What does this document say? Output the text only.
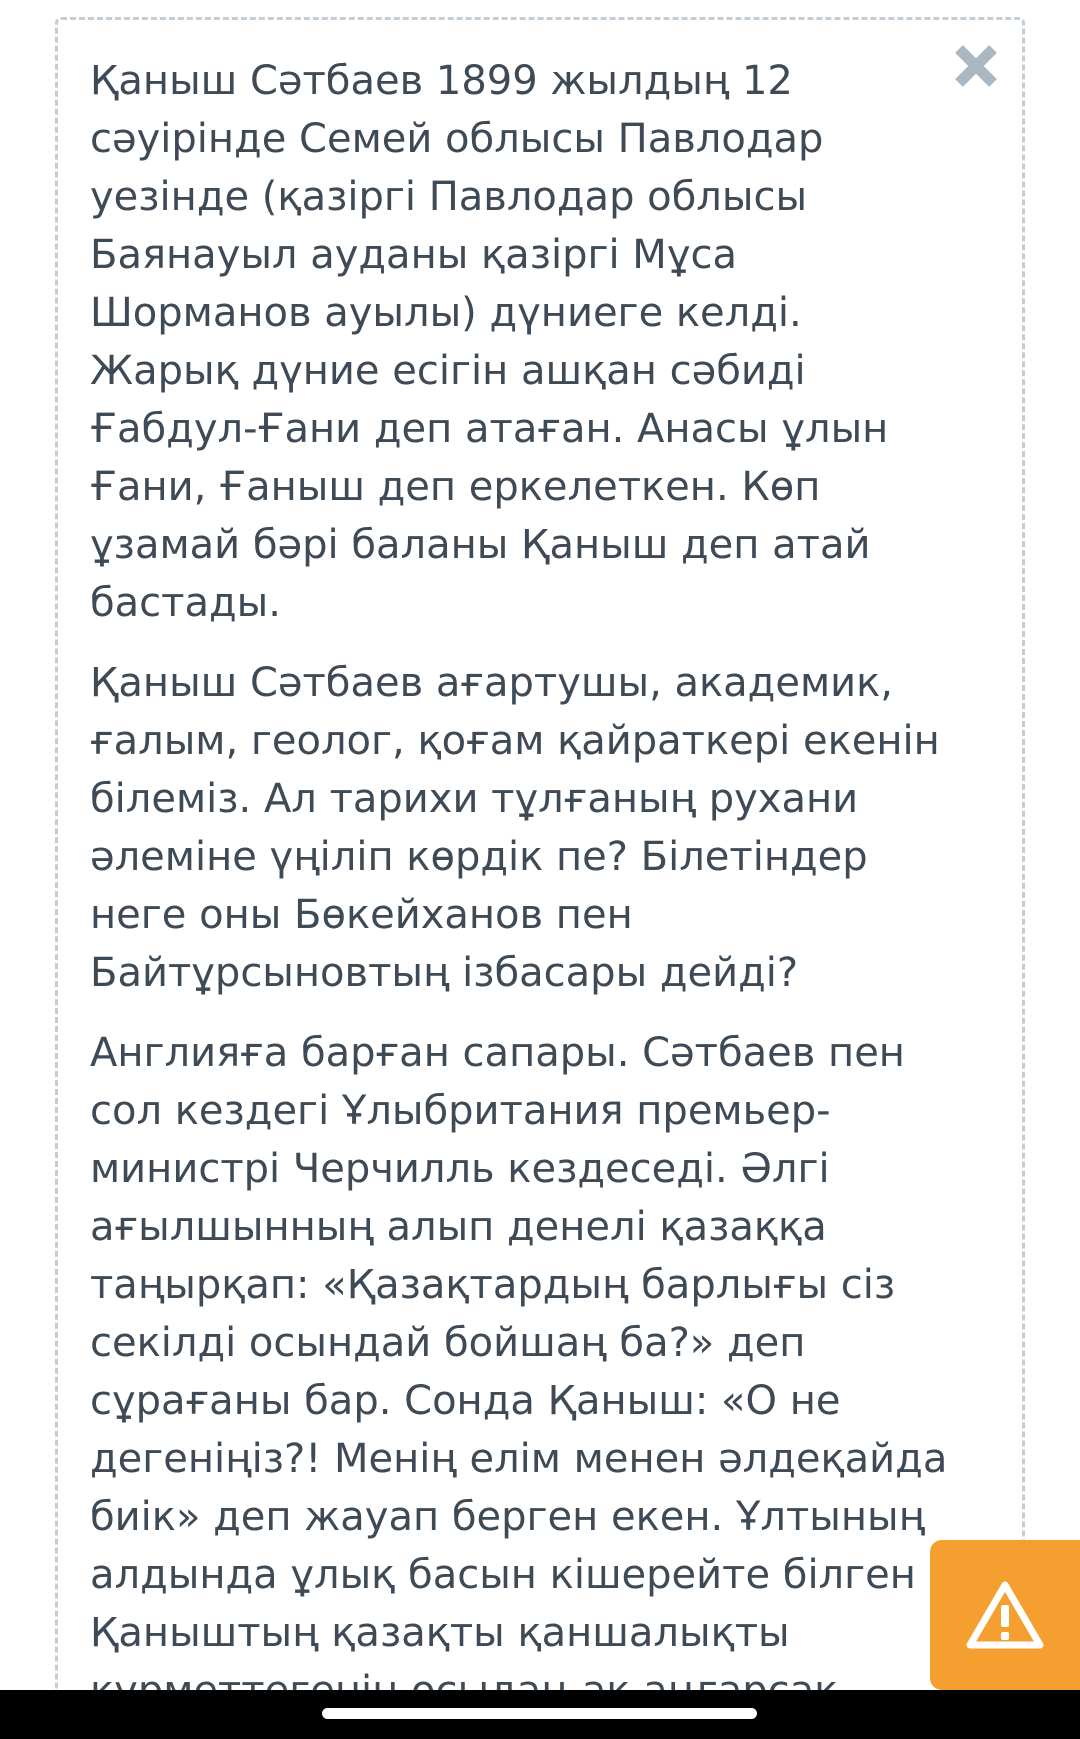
Қаныш Сәтбаев 1899 жылдың 12 сәуірінде Семей облысы Павлодар уезінде (қазіргі Павлодар облысы Баянауыл ауданы қазіргі Мұса Шорманов ауылы) дүниеге келді. Жарық дүние есігін ашқан сәбиді Ғабдул-Ғани деп атаған. Анасы ұлын Ғани, Ғаныш деп еркелеткен. Көп ұзамай бәрі баланы Қаныш деп атай бастады.

Қаныш Сәтбаев ағартушы, академик, ғалым, геолог, қоғам қайраткері екенін білеміз. Ал тарихи тұлғаның рухани әлеміне үңіліп көрдік пе? Білетіндер неге оны Бөкейханов пен Байтұрсыновтың ізбасары дейді?

Англияға барған сапары. Сәтбаев пен сол кездегі Ұлыбритания премьер-министрі Черчилль кездеседі. Әлгі ағылшынның алып денелі қазаққа таңырқап: «Қазақтардың барлығы сіз секілді осындай бойшаң ба?» деп сұрағаны бар. Сонда Қаныш: «О не дегеніңіз?! Менің елім менен әлдеқайда биік» деп жауап берген екен. Ұлтының алдында ұлық басын кішерейте білген Қаныштың қазақты қаншалықты
